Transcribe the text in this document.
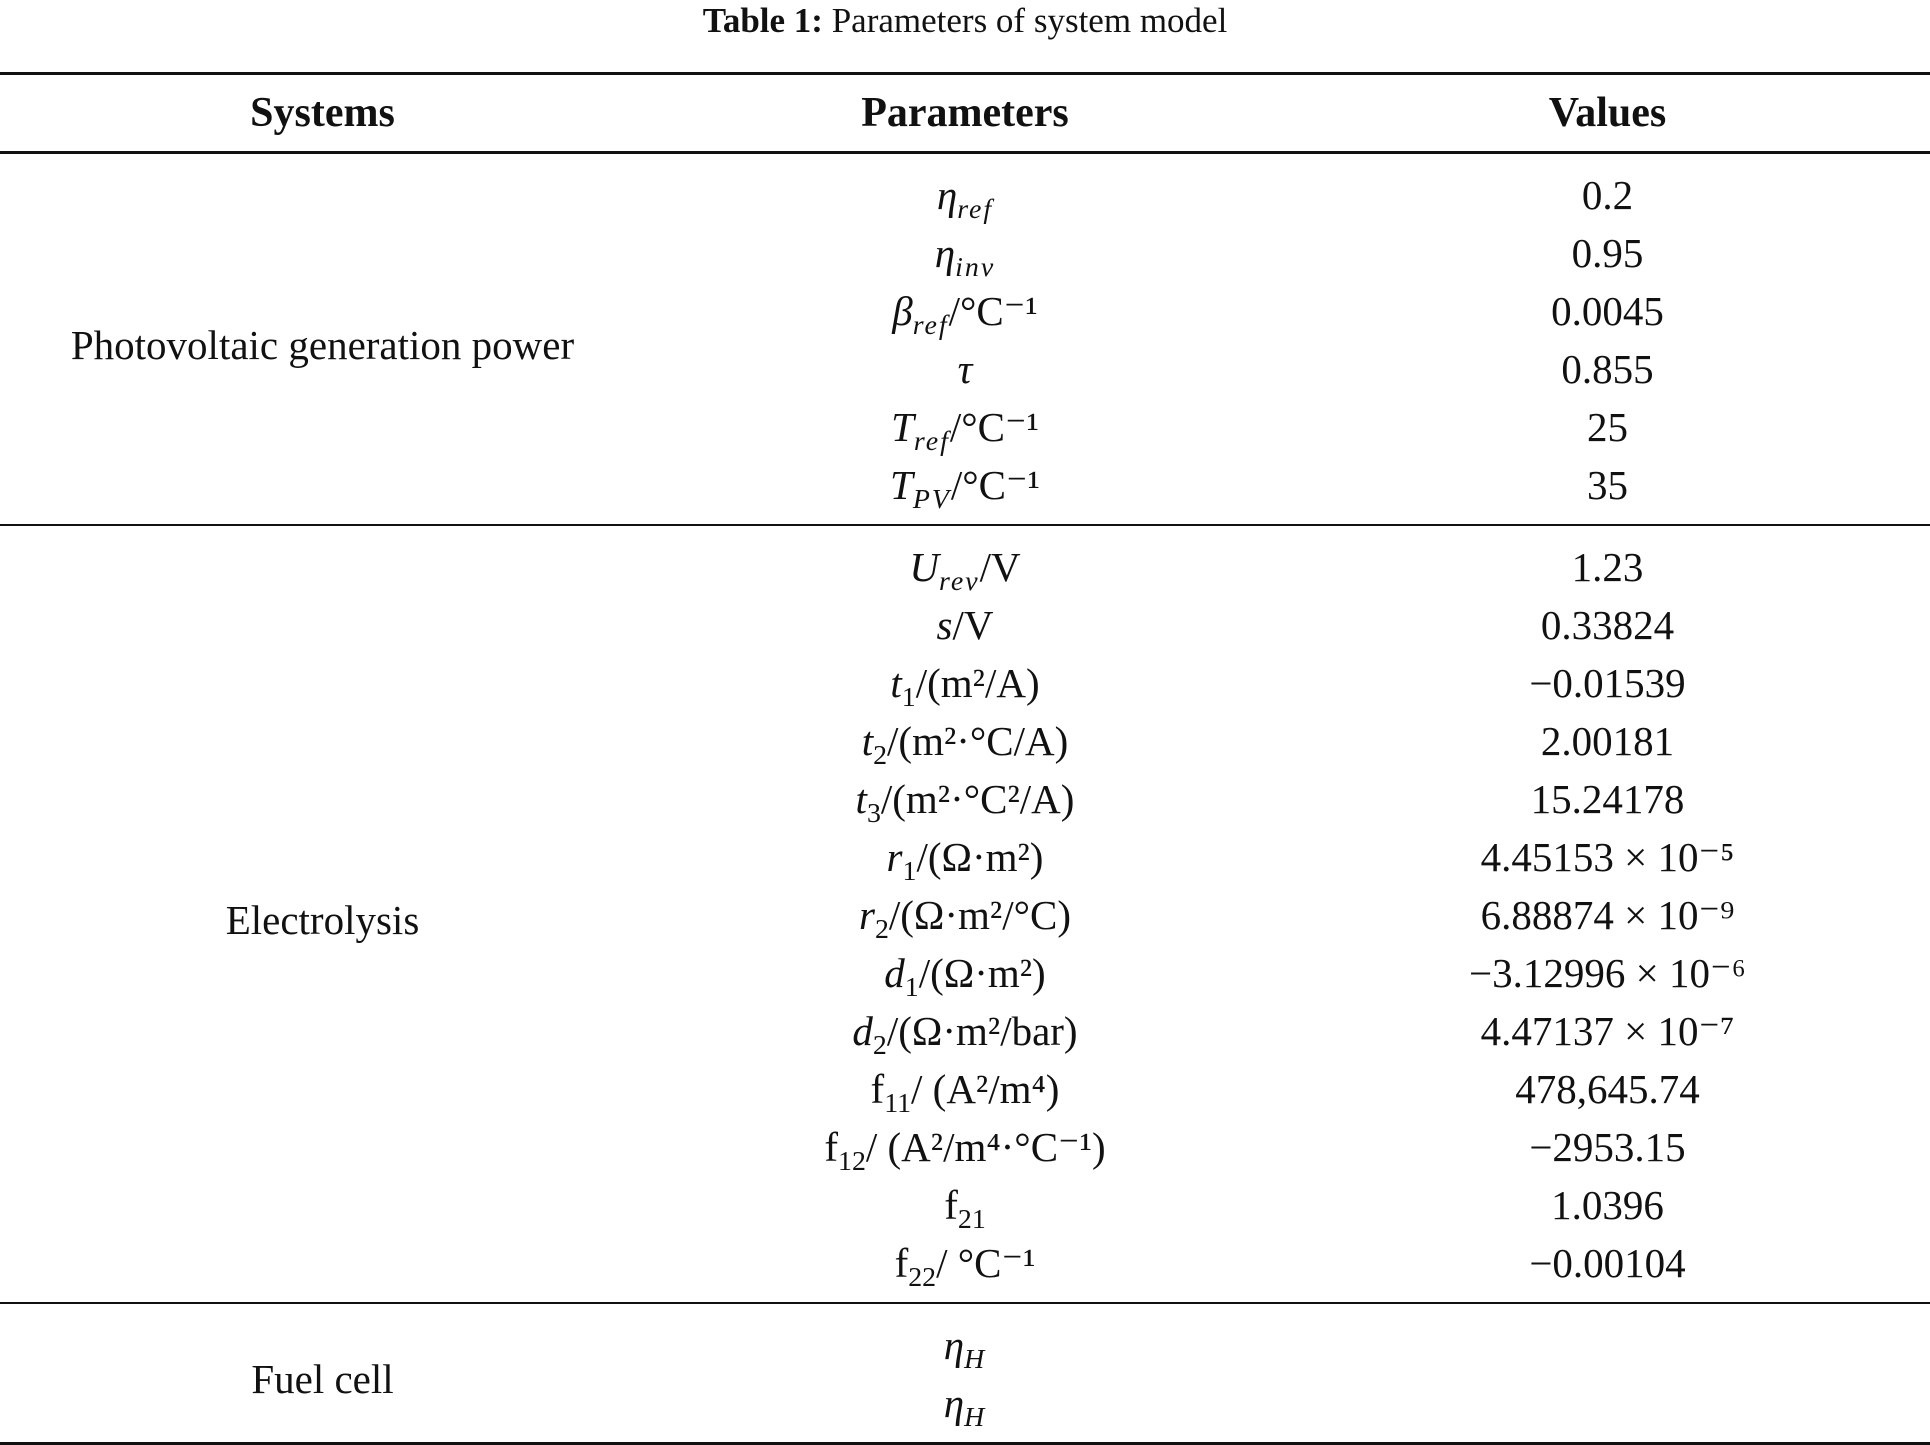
Table 1: Parameters of system model
Systems	Parameters	Values
Photovoltaic generation power	$\eta_{ref}$	0.2
	$\eta_{inv}$	0.95
	$\beta_{ref}/^\circ C^{-1}$	0.0045
	τ	0.855
	$T_{ref}/^\circ C^{-1}$	25
	$T_{PV}/^\circ C^{-1}$	35
Electrolysis	$U_{rev}/V$	1.23
	s/V	0.33824
	$t_1/(m^2/A)$	−0.01539
	$t_2/(m^2\cdot^\circ C/A)$	2.00181
	$t_3/(m^2\cdot^\circ C^2/A)$	15.24178
	$r_1/(\Omega\cdot m^2)$	4.45153 × 10⁻⁵
	$r_2/(\Omega\cdot m^2/^\circ C)$	6.88874 × 10⁻⁹
	$d_1/(\Omega\cdot m^2)$	−3.12996 × 10⁻⁶
	$d_2/(\Omega\cdot m^2/bar)$	4.47137 × 10⁻⁷
	$f_{11}/$ (A²/m⁴)	478,645.74
	$f_{12}/$ (A²/m⁴·°C⁻¹)	−2953.15
	$f_{21}$	1.0396
	$f_{22}/$ °C⁻¹	−0.00104
Fuel cell	$\eta_H$	
	$\eta_H$	
